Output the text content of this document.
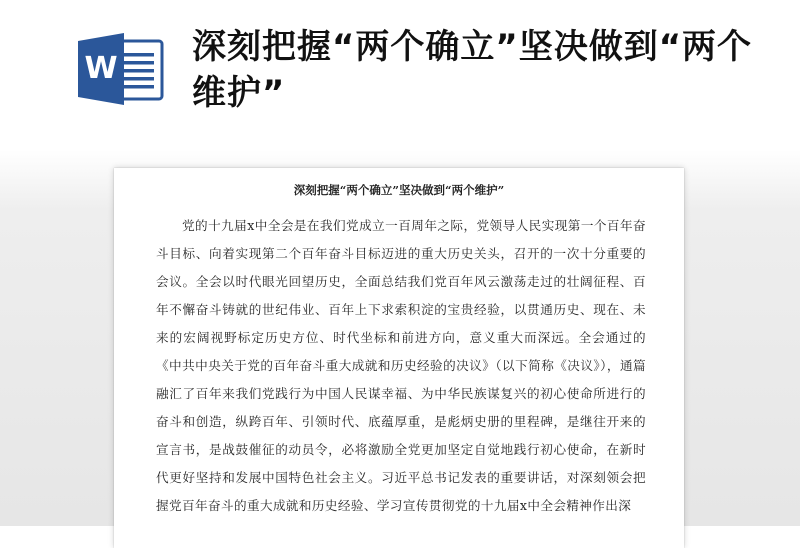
W
深刻把握“两个确立”坚决做到“两个维护”
深刻把握“两个确立”坚决做到“两个维护”

党的十九届x中全会是在我们党成立一百周年之际，党领导人民实现第一个百年奋斗目标、向着实现第二个百年奋斗目标迈进的重大历史关头，召开的一次十分重要的会议。全会以时代眼光回望历史，全面总结我们党百年风云激荡走过的壮阔征程、百年不懈奋斗铸就的世纪伟业、百年上下求索积淀的宝贵经验，以贯通历史、现在、未来的宏阔视野标定历史方位、时代坐标和前进方向，意义重大而深远。全会通过的《中共中央关于党的百年奋斗重大成就和历史经验的决议》（以下简称《决议》），通篇融汇了百年来我们党践行为中国人民谋幸福、为中华民族谋复兴的初心使命所进行的奋斗和创造，纵跨百年、引领时代、底蕴厚重，是彪炳史册的里程碑，是继往开来的宣言书，是战鼓催征的动员令，必将激励全党更加坚定自觉地践行初心使命，在新时代更好坚持和发展中国特色社会主义。习近平总书记发表的重要讲话，对深刻领会把握党百年奋斗的重大成就和历史经验、学习宣传贯彻党的十九届x中全会精神作出深
